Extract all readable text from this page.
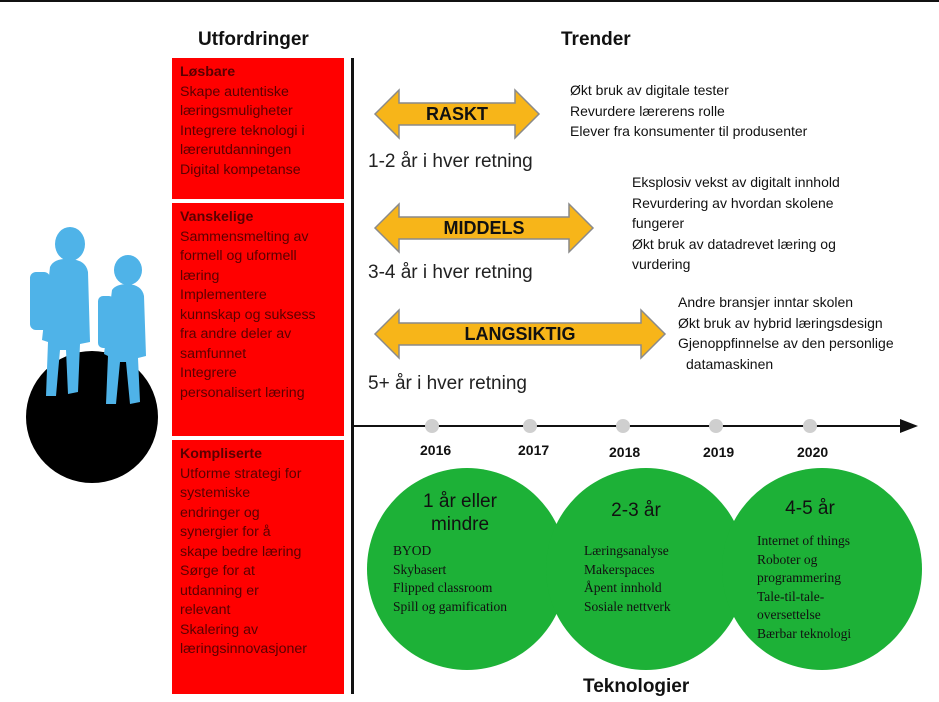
Utfordringer	Trender
Teknologier
Løsbare
Skape autentiske
læringsmuligheter
Integrere teknologi i
lærerutdanningen
Digital kompetanse
Vanskelige
Sammensmelting av
formell og uformell
læring
Implementere
kunnskap og suksess
fra andre deler av
samfunnet
Integrere
personalisert læring
Kompliserte
Utforme strategi for
systemiske
endringer og
synergier for å
skape bedre læring
Sørge for at
utdanning er
relevant
Skalering av
læringsinnovasjoner
RASKT
MIDDELS
LANGSIKTIG
1-2 år i hver retning
3-4 år i hver retning
5+ år i hver retning
Økt bruk av digitale tester
Revurdere lærerens rolle
Elever fra konsumenter til produsenter
Eksplosiv vekst av digitalt innhold
Revurdering av hvordan skolene
fungerer
Økt bruk av datadrevet læring og
vurdering
Andre bransjer inntar skolen
Økt bruk av hybrid læringsdesign
Gjenoppfinnelse av den personlige
datamaskinen
2016	2017	2018	2019	2020
1 år eller
mindre
2-3 år	4-5 år
BYOD
Skybasert
Flipped classroom
Spill og gamification
Læringsanalyse
Makerspaces
Åpent innhold
Sosiale nettverk
Internet of things
Roboter og
programmering
Tale-til-tale-
oversettelse
Bærbar teknologi
